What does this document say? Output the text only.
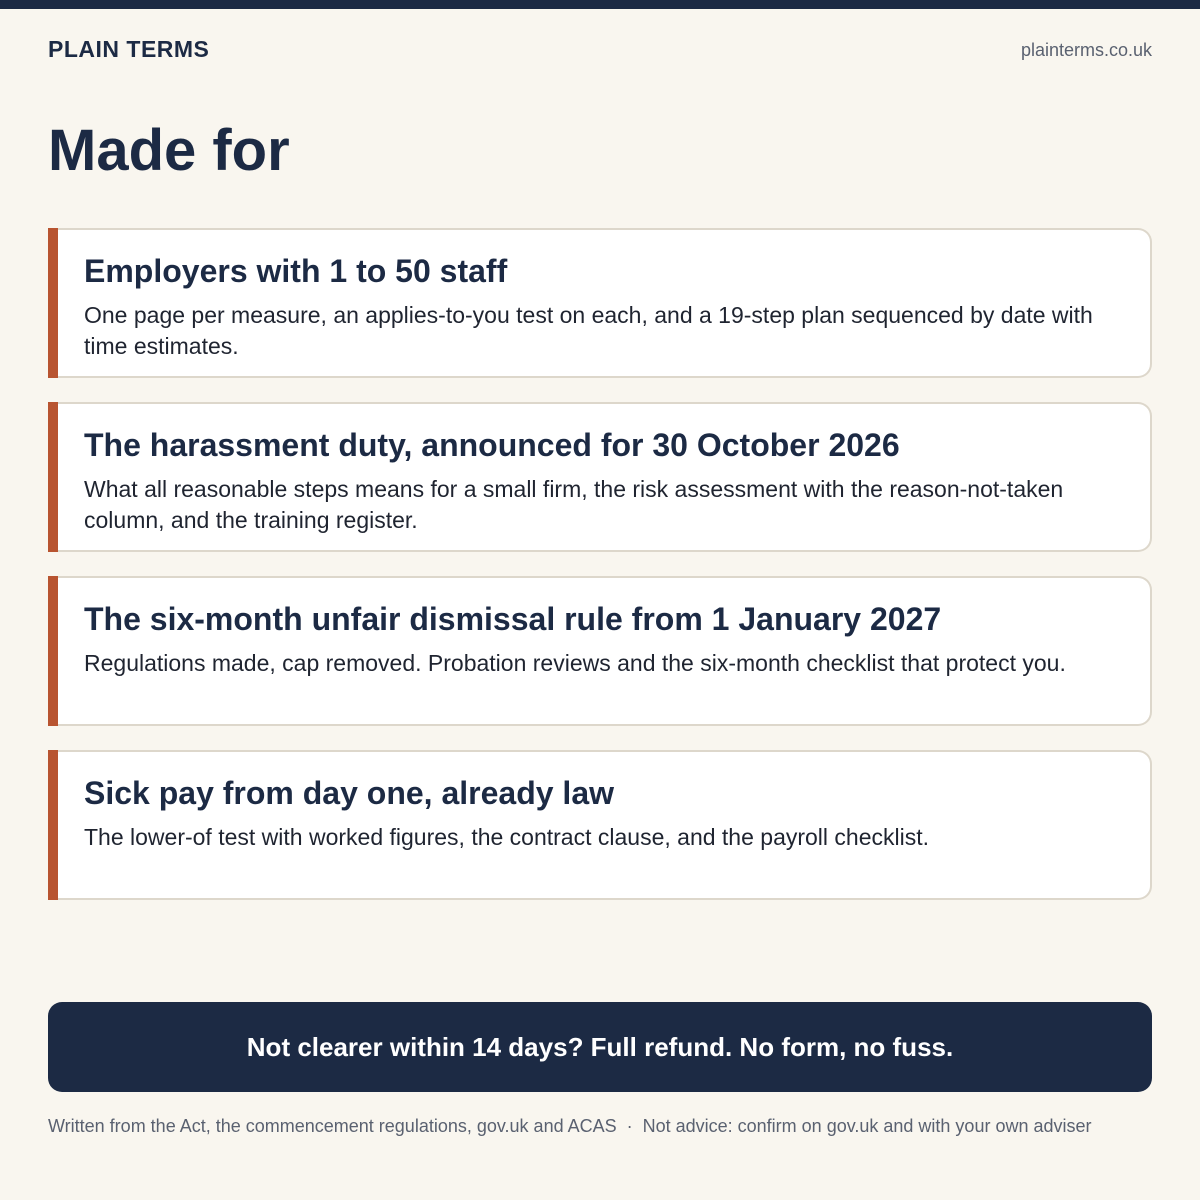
PLAIN TERMS	plainterms.co.uk
Made for
Employers with 1 to 50 staff
One page per measure, an applies-to-you test on each, and a 19-step plan sequenced by date with time estimates.
The harassment duty, announced for 30 October 2026
What all reasonable steps means for a small firm, the risk assessment with the reason-not-taken column, and the training register.
The six-month unfair dismissal rule from 1 January 2027
Regulations made, cap removed. Probation reviews and the six-month checklist that protect you.
Sick pay from day one, already law
The lower-of test with worked figures, the contract clause, and the payroll checklist.
Not clearer within 14 days? Full refund. No form, no fuss.
Written from the Act, the commencement regulations, gov.uk and ACAS · Not advice: confirm on gov.uk and with your own adviser
